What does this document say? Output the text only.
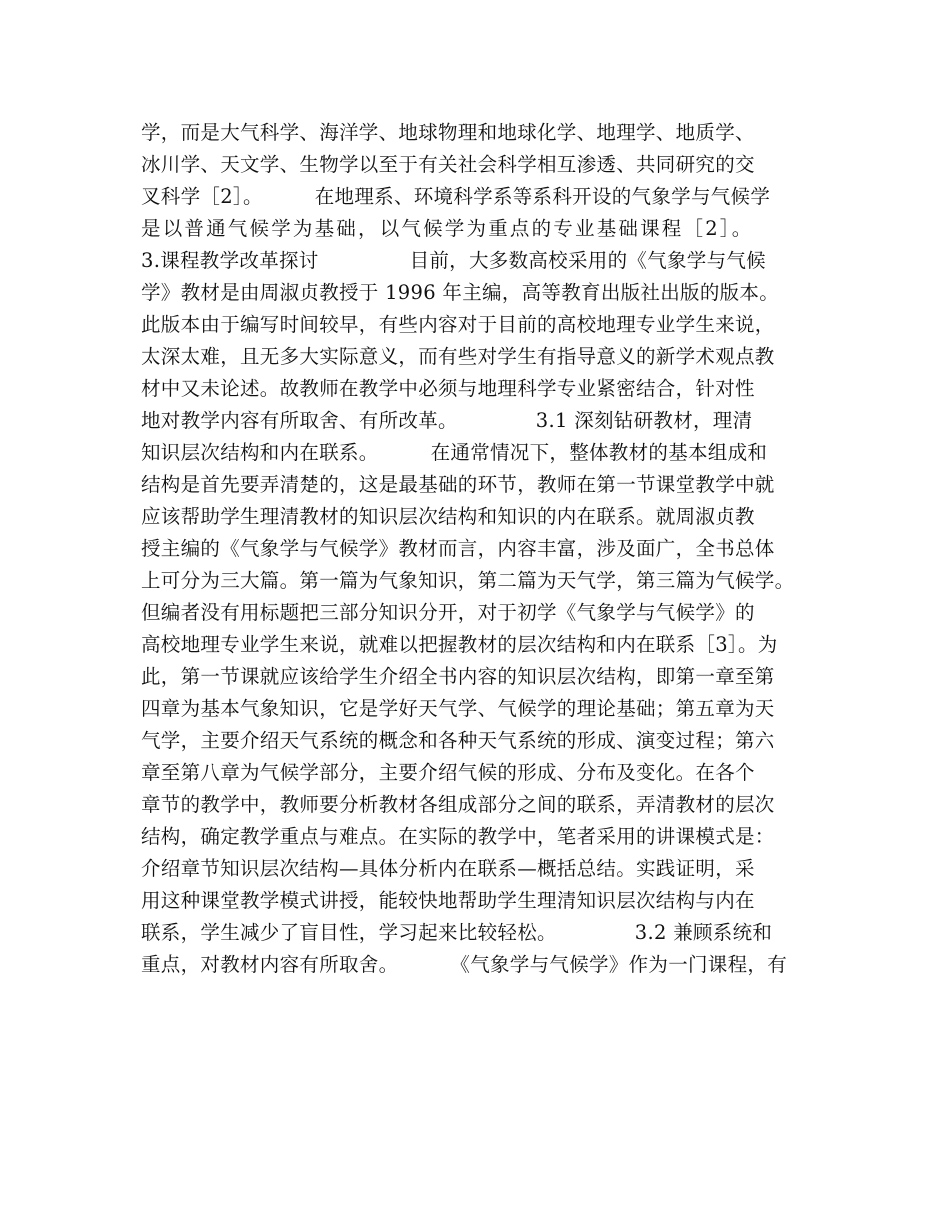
学，而是大气科学、海洋学、地球物理和地球化学、地理学、地质学、
冰川学、天文学、生物学以至于有关社会科学相互渗透、共同研究的交
叉科学［2］。        在地理系、环境科学系等系科开设的气象学与气候学
是以普通气候学为基础，以气候学为重点的专业基础课程［2］。
3.课程教学改革探讨              目前，大多数高校采用的《气象学与气候
学》教材是由周淑贞教授于 1996 年主编，高等教育出版社出版的版本。
此版本由于编写时间较早，有些内容对于目前的高校地理专业学生来说，
太深太难，且无多大实际意义，而有些对学生有指导意义的新学术观点教
材中又未论述。故教师在教学中必须与地理科学专业紧密结合，针对性
地对教学内容有所取舍、有所改革。            3.1 深刻钻研教材，理清
知识层次结构和内在联系。        在通常情况下，整体教材的基本组成和
结构是首先要弄清楚的，这是最基础的环节，教师在第一节课堂教学中就
应该帮助学生理清教材的知识层次结构和知识的内在联系。就周淑贞教
授主编的《气象学与气候学》教材而言，内容丰富，涉及面广，全书总体
上可分为三大篇。第一篇为气象知识，第二篇为天气学，第三篇为气候学。
但编者没有用标题把三部分知识分开，对于初学《气象学与气候学》的
高校地理专业学生来说，就难以把握教材的层次结构和内在联系［3］。为
此，第一节课就应该给学生介绍全书内容的知识层次结构，即第一章至第
四章为基本气象知识，它是学好天气学、气候学的理论基础；第五章为天
气学，主要介绍天气系统的概念和各种天气系统的形成、演变过程；第六
章至第八章为气候学部分，主要介绍气候的形成、分布及变化。在各个
章节的教学中，教师要分析教材各组成部分之间的联系，弄清教材的层次
结构，确定教学重点与难点。在实际的教学中，笔者采用的讲课模式是：
介绍章节知识层次结构—具体分析内在联系—概括总结。实践证明，采
用这种课堂教学模式讲授，能较快地帮助学生理清知识层次结构与内在
联系，学生减少了盲目性，学习起来比较轻松。            3.2 兼顾系统和
重点，对教材内容有所取舍。        《气象学与气候学》作为一门课程，有
